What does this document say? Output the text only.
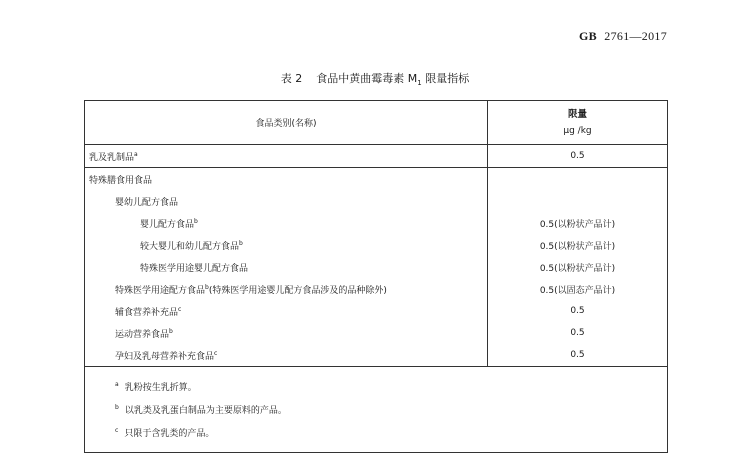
GB 2761—2017
表 2 食品中黄曲霉毒素 $M_1$ 限量指标
食品类别(名称)	限量
μg /kg

乳及乳制品$^a$	0.5
特殊膳食用食品	
婴幼儿配方食品	
婴儿配方食品$^b$	0.5(以粉状产品计)
较大婴儿和幼儿配方食品$^b$	0.5(以粉状产品计)
特殊医学用途婴儿配方食品	0.5(以粉状产品计)
特殊医学用途配方食品$^b$(特殊医学用途婴儿配方食品涉及的品种除外)	0.5(以固态产品计)
辅食营养补充品$^c$	0.5
运动营养食品$^b$	0.5
孕妇及乳母营养补充食品$^c$	0.5

$^a$ 乳粉按生乳折算。
$^b$ 以乳类及乳蛋白制品为主要原料的产品。
$^c$ 只限于含乳类的产品。	
